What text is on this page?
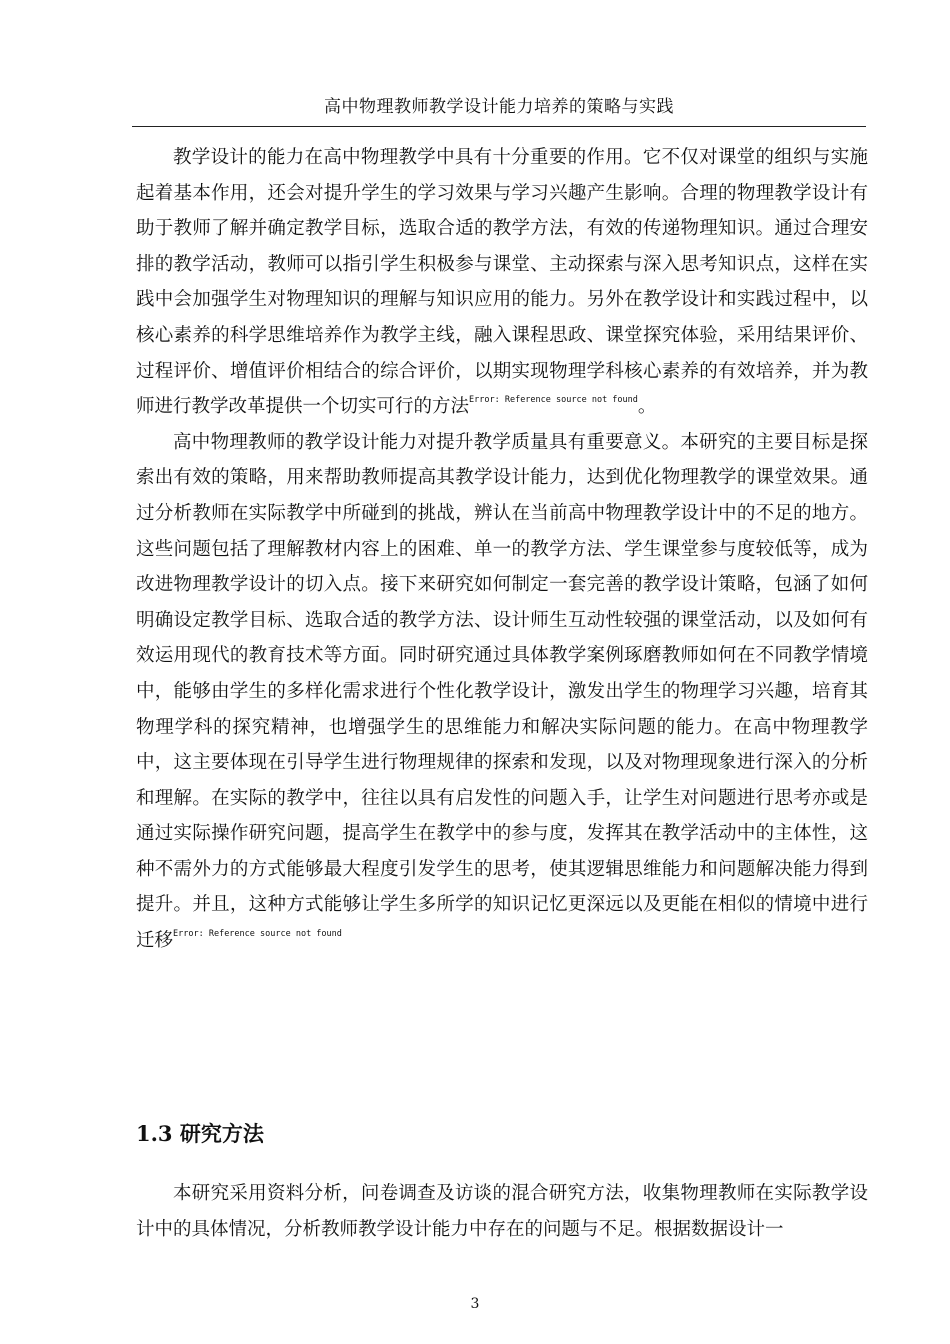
高中物理教师教学设计能力培养的策略与实践

教学设计的能力在高中物理教学中具有十分重要的作用。它不仅对课堂的组织与实施起着基本作用，还会对提升学生的学习效果与学习兴趣产生影响。合理的物理教学设计有助于教师了解并确定教学目标，选取合适的教学方法，有效的传递物理知识。通过合理安排的教学活动，教师可以指引学生积极参与课堂、主动探索与深入思考知识点，这样在实践中会加强学生对物理知识的理解与知识应用的能力。另外在教学设计和实践过程中，以核心素养的科学思维培养作为教学主线，融入课程思政、课堂探究体验，采用结果评价、过程评价、增值评价相结合的综合评价，以期实现物理学科核心素养的有效培养，并为教师进行教学改革提供一个切实可行的方法$^{Error: Reference source not found}$。

高中物理教师的教学设计能力对提升教学质量具有重要意义。本研究的主要目标是探索出有效的策略，用来帮助教师提高其教学设计能力，达到优化物理教学的课堂效果。通过分析教师在实际教学中所碰到的挑战，辨认在当前高中物理教学设计中的不足的地方。这些问题包括了理解教材内容上的困难、单一的教学方法、学生课堂参与度较低等，成为改进物理教学设计的切入点。接下来研究如何制定一套完善的教学设计策略，包涵了如何明确设定教学目标、选取合适的教学方法、设计师生互动性较强的课堂活动，以及如何有效运用现代的教育技术等方面。同时研究通过具体教学案例琢磨教师如何在不同教学情境中，能够由学生的多样化需求进行个性化教学设计，激发出学生的物理学习兴趣，培育其物理学科的探究精神，也增强学生的思维能力和解决实际问题的能力。在高中物理教学中，这主要体现在引导学生进行物理规律的探索和发现，以及对物理现象进行深入的分析和理解。在实际的教学中，往往以具有启发性的问题入手，让学生对问题进行思考亦或是通过实际操作研究问题，提高学生在教学中的参与度，发挥其在教学活动中的主体性，这种不需外力的方式能够最大程度引发学生的思考，使其逻辑思维能力和问题解决能力得到提升。并且，这种方式能够让学生多所学的知识记忆更深远以及更能在相似的情境中进行迁移$^{Error: Reference source not found}$

1.3 研究方法

本研究采用资料分析，问卷调查及访谈的混合研究方法，收集物理教师在实际教学设计中的具体情况，分析教师教学设计能力中存在的问题与不足。根据数据设计一

3
